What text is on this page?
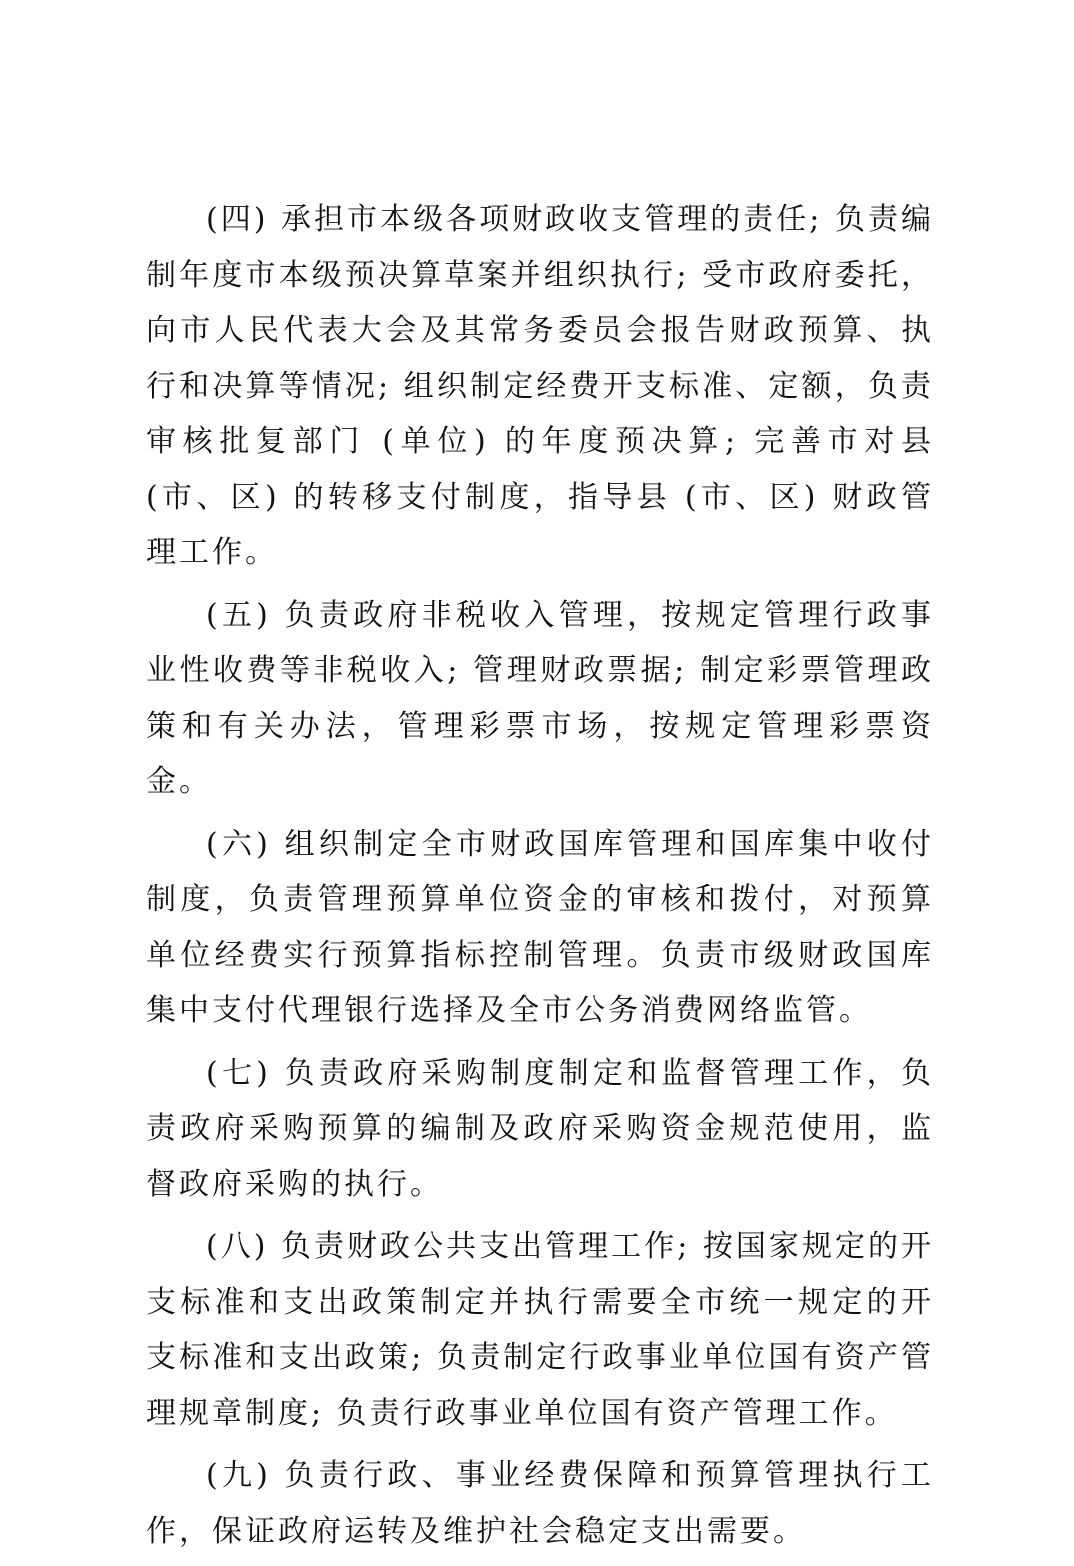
(四) 承担市本级各项财政收支管理的责任; 负责编制年度市本级预决算草案并组织执行; 受市政府委托，向市人民代表大会及其常务委员会报告财政预算、执行和决算等情况; 组织制定经费开支标准、定额，负责审核批复部门 (单位) 的年度预决算; 完善市对县 (市、区) 的转移支付制度，指导县 (市、区) 财政管理工作。

(五) 负责政府非税收入管理，按规定管理行政事业性收费等非税收入; 管理财政票据; 制定彩票管理政策和有关办法，管理彩票市场，按规定管理彩票资金。

(六) 组织制定全市财政国库管理和国库集中收付制度，负责管理预算单位资金的审核和拨付，对预算单位经费实行预算指标控制管理。负责市级财政国库集中支付代理银行选择及全市公务消费网络监管。

(七) 负责政府采购制度制定和监督管理工作，负责政府采购预算的编制及政府采购资金规范使用，监督政府采购的执行。

(八) 负责财政公共支出管理工作; 按国家规定的开支标准和支出政策制定并执行需要全市统一规定的开支标准和支出政策; 负责制定行政事业单位国有资产管理规章制度; 负责行政事业单位国有资产管理工作。

(九) 负责行政、事业经费保障和预算管理执行工作，保证政府运转及维护社会稳定支出需要。
